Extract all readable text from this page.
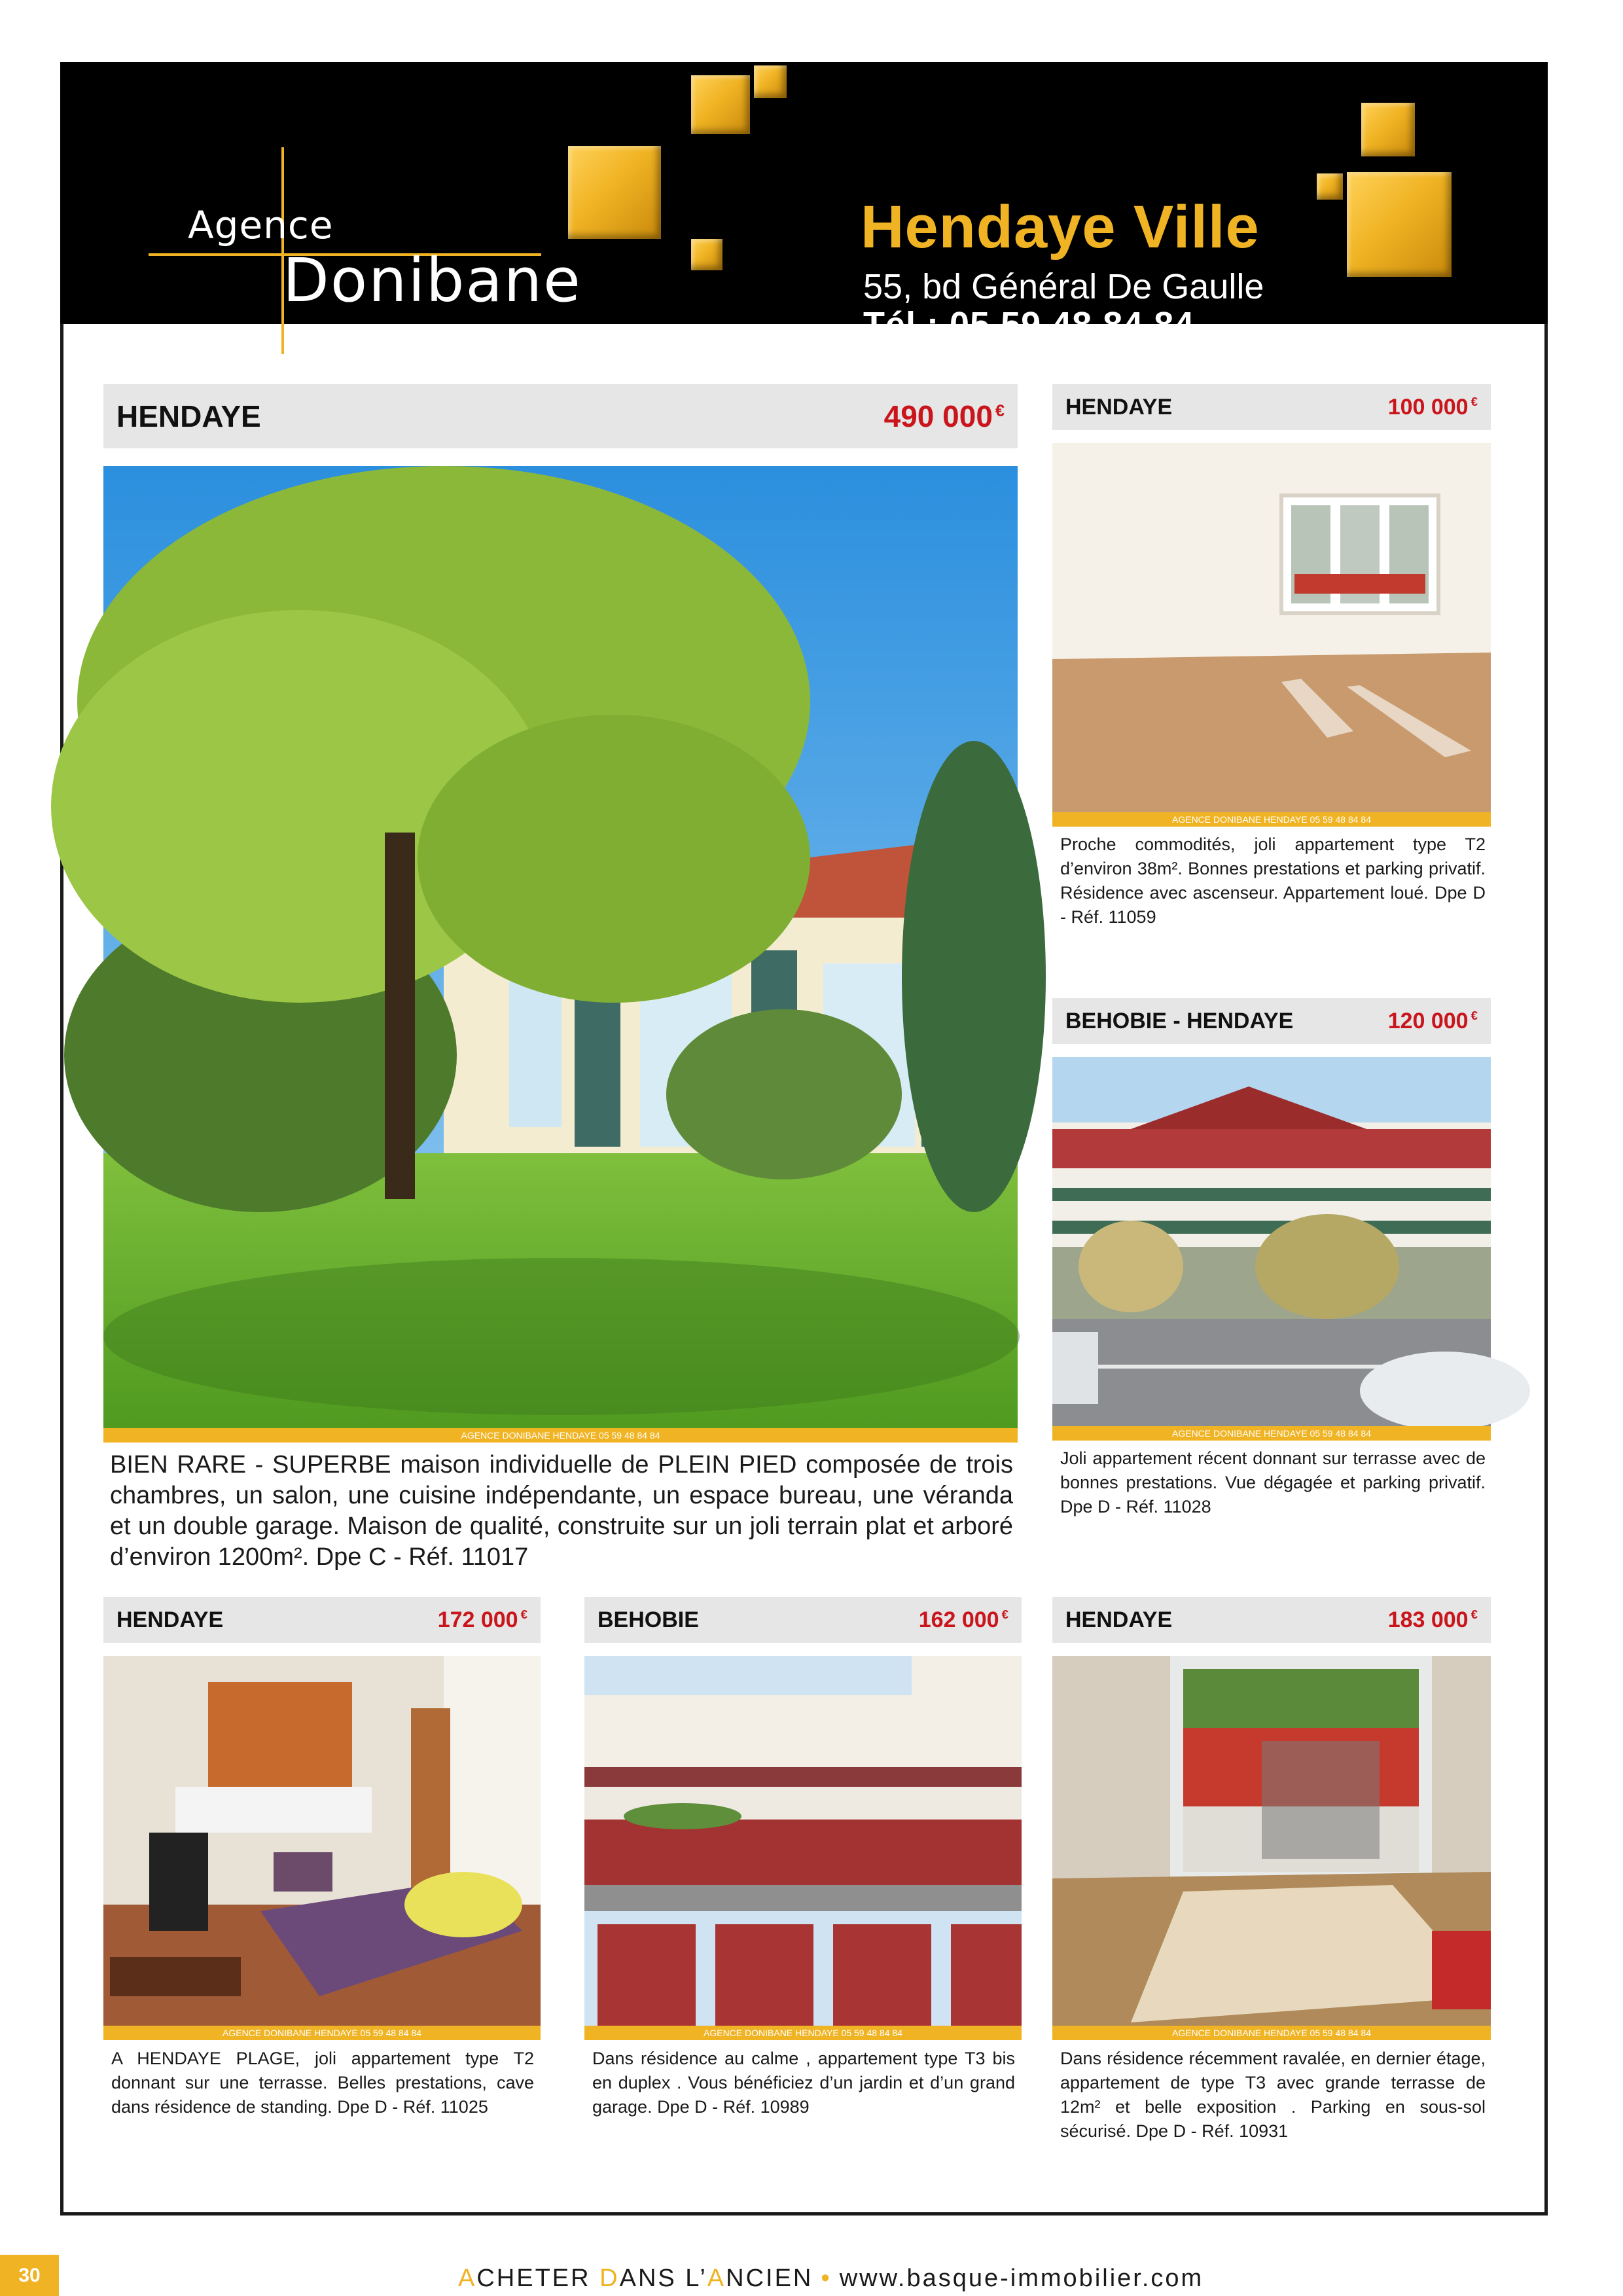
Agence
Donibane
Hendaye Ville
55, bd Général De Gaulle
Tél.: 05 59 48 84 84
HENDAYE	490 000 €
AGENCE DONIBANE HENDAYE 05 59 48 84 84
BIEN RARE - SUPERBE maison individuelle de PLEIN PIED composée de trois chambres, un salon, une cuisine indépendante, un espace bureau, une véranda et un double garage. Maison de qualité, construite sur un joli terrain plat et arboré d’environ 1200m². Dpe C - Réf. 11017
HENDAYE	100 000 €
AGENCE DONIBANE HENDAYE 05 59 48 84 84
Proche commodités, joli appartement type T2 d’environ 38m². Bonnes prestations et parking privatif. Résidence avec ascenseur. Appartement loué. Dpe D - Réf. 11059
BEHOBIE - HENDAYE	120 000 €
AGENCE DONIBANE HENDAYE 05 59 48 84 84
Joli appartement récent donnant sur terrasse avec de bonnes prestations. Vue dégagée et parking privatif. Dpe D - Réf. 11028
HENDAYE	172 000 €
AGENCE DONIBANE HENDAYE 05 59 48 84 84
A HENDAYE PLAGE, joli appartement type T2 donnant sur une terrasse. Belles prestations, cave dans résidence de standing. Dpe D - Réf. 11025
BEHOBIE	162 000 €
AGENCE DONIBANE HENDAYE 05 59 48 84 84
Dans résidence au calme , appartement type T3 bis en duplex . Vous bénéficiez d’un jardin et d’un grand garage. Dpe D - Réf. 10989
HENDAYE	183 000 €
AGENCE DONIBANE HENDAYE 05 59 48 84 84
Dans résidence récemment ravalée, en dernier étage, appartement de type T3 avec grande terrasse de 12m² et belle exposition . Parking en sous-sol sécurisé. Dpe D - Réf. 10931
30	ACHETER DANS L’ANCIEN • www.basque-immobilier.com
